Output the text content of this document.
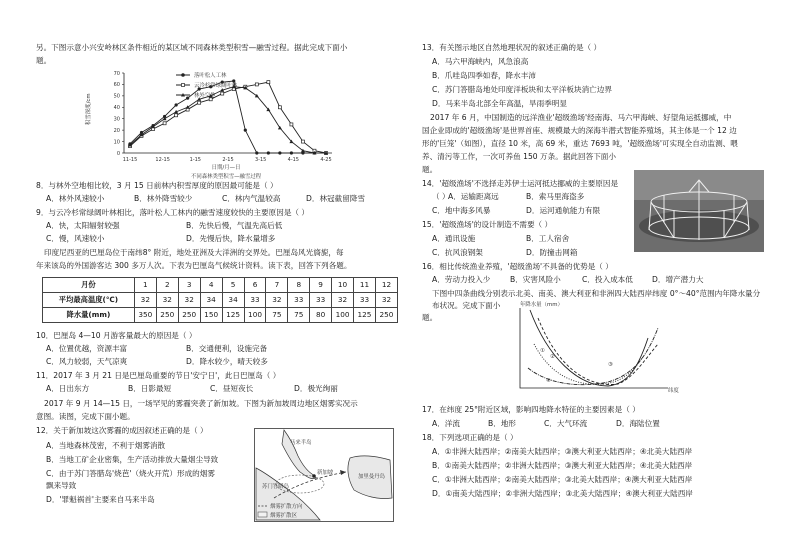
另。下图示意小兴安岭林区条件相近的某区域不同森林类型积雪—融雪过程。据此完成下面小
题。
0
10
20
30
40
50
60
70
11-15	12-15	1-15	2-15	3-15	4-15	4-25
落叶松人工林
云冷杉常绿阔叶林
林外空地
积雪深度/cm
日期/月—日
不同森林类型积雪—融雪过程
8．与林外空地相比较，3 月 15 日前林内积雪厚度的原因最可能是（ ）
A．林外风速较小	B．林外降雪较少	C．林内气温较高	D．林冠截留降雪
9．与云冷杉常绿阔叶林相比，落叶松人工林内的融雪速度较快的主要原因是（ ）
A．快，太阳辐射较强	B．先快后慢，气温先高后低
C．慢，风速较小	D．先慢后快，降水量增多
印度尼西亚的巴厘岛位于南纬8° 附近，地处亚洲及大洋洲的交界处。巴厘岛风光旖旎，每
年来该岛的外国游客达 300 多万人次。下表为巴厘岛气候统计资料。读下表，回答下列各题。
月份	1	2	3	4	5	6	7	8	9	10	11	12
平均最高温度(℃)	32	32	32	34	34	33	32	33	33	32	33	32
降水量(mm)	350	250	250	150	125	100	75	75	80	100	125	250
10．巴厘岛 4—10 月游客量最大的原因是（ ）
A．位置优越，资源丰富	B．交通便利，设施完备
C．风力较弱，天气凉爽	D．降水较少，晴天较多
11．2017 年 3 月 21 日是巴厘岛重要的节日'安宁日'，此日巴厘岛（ ）
A．日出东方	B．日影最短	C．昼短夜长	D．极光绚丽
2017 年 9 月 14—15 日，一场罕见的雾霾突袭了新加坡。下图为新加坡周边地区烟雾实况示
意图。读图，完成下面小题。
12．关于新加坡这次雾霾的成因叙述正确的是（ ）
A．当地森林茂密，不利于烟雾消散
B．当地工矿企业密集，生产活动排放大量烟尘导致
C．由于苏门答腊岛'烧芭'（烧火开荒）形成的烟雾
飘来导致
D．'罪魁祸首'主要来自马来半岛
马来半岛
新加坡
苏门答腊岛
加里曼丹岛
烟雾扩散方向
烟雾扩散区
13．有关图示地区自然地理状况的叙述正确的是（ ）
A．马六甲海峡内，风急浪高
B．爪哇岛四季如春，降水丰沛
C．苏门答腊岛地处印度洋板块和太平洋板块消亡边界
D．马来半岛北部全年高温，旱雨季明显
2017 年 6 月，中国制造的远洋渔业'超级渔场'经南海、马六甲海峡、好望角运抵挪威，中
国企业即成的'超级渔场'是世界首座、规模最大的深海半潜式智能养殖场，其主体是一个 12 边
形的'巨笼'（如图），直径 10 米，高 69 米，重达 7693 吨，'超级渔场'可实现全自动监测、喂
养、清污等工作，一次可养鱼 150 万条。据此回答下面小
题。
14．'超级渔场'不选择走苏伊士运河抵达挪威的主要原因是
（ ）
A．运输距离远	B．索马里海盗多
C．地中海多风暴	D．运河通航能力有限
15．'超级渔场'的设计制造不需要（ ）
A．通讯设施	B．工人宿舍
C．抗风浪钢架	D．防撞击网箱
16．相比传统渔业养殖，'超级渔场'不具备的优势是（ ）
A．劳动力投入少	B．灾害风险小	C．投入成本低	D．增产潜力大
下图中四条曲线分别表示北美、南美、澳大利亚和非洲四大陆西岸纬度 0°～40°范围内年降水量分布状况。完成下面小
题。
年降水量（mm）
纬度
①
②
③
④
17．在纬度 25°附近区域，影响四地降水特征的主要因素是（ ）
A．洋流	B．地形	C．大气环流	D．海陆位置
18．下列选项正确的是（ ）
A．①非洲大陆西岸；②南美大陆西岸；③澳大利亚大陆西岸；④北美大陆西岸
B．①南美大陆西岸；②非洲大陆西岸；③澳大利亚大陆西岸；④北美大陆西岸
C．①非洲大陆西岸；②南美大陆西岸；③北美大陆西岸；④澳大利亚大陆西岸
D．①南美大陆西岸；②非洲大陆西岸；③北美大陆西岸；④澳大利亚大陆西岸
